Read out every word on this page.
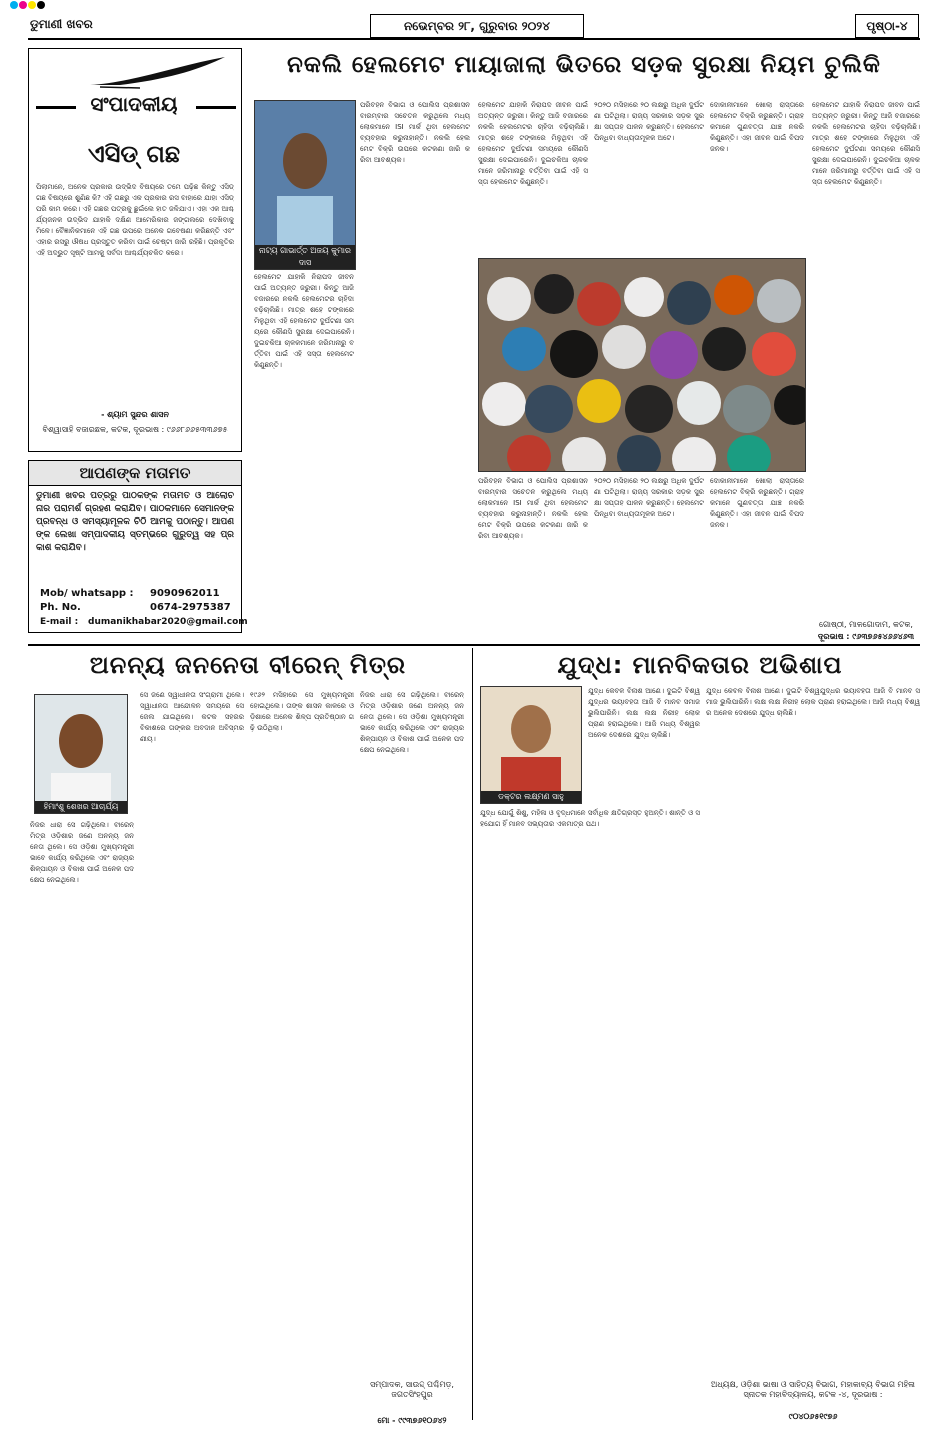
ଡୁମାଣୀ ଖବର	ନଭେମ୍ବର ୨୮, ଗୁରୁବାର ୨୦୨୪	ପୃଷ୍ଠା-୪
ସଂପାଦକୀୟ
ଏସିଡ୍ ଗଛ
ପିଲାମାନେ, ଅନେକ ପ୍ରକାର ଉଦ୍ଭିଦ ବିଷୟରେ ତମେ ପଢ଼ିଛ କିନ୍ତୁ ଏସିଡ୍ ଗଛ ବିଷୟରେ ଶୁଣିଛ କି? ଏହି ଗଛରୁ ଏକ ପ୍ରକାର ରସ ବାହାରେ ଯାହା ଏସିଡ୍ ପରି କାମ କରେ। ଏହି ଗଛର ପତ୍ରକୁ ଛୁଇଁଲେ ହାତ ଜଳିଯାଏ। ଏହା ଏକ ଆଶ୍ଚର୍ଯ୍ୟଜନକ ଉଦ୍ଭିଦ ଯାହାକି ଦକ୍ଷିଣ ଆମେରିକାର ଜଙ୍ଗଲରେ ଦେଖିବାକୁ ମିଳେ। ବୈଜ୍ଞାନିକମାନେ ଏହି ଗଛ ଉପରେ ଅନେକ ଗବେଷଣା କରିଛନ୍ତି ଏବଂ ଏହାର ରସରୁ ଔଷଧ ପ୍ରସ୍ତୁତ କରିବା ପାଇଁ ଚେଷ୍ଟା ଜାରି ରହିଛି। ପ୍ରକୃତିର ଏହି ଅଦ୍ଭୁତ ସୃଷ୍ଟି ଆମକୁ ସର୍ବଦା ଆଶ୍ଚର୍ଯ୍ୟଚକିତ କରେ।
- ଶ୍ୟାମ ସୁନ୍ଦର ଶାସନ
ବିଶ୍ୱାସାହି ବଜାରଛକ, କଟକ, ଦୂରଭାଷ : ୯୬୬୮୬୬୫୩୩୬୭୫
ଆପଣଙ୍କ ମତାମତ
ଡୁମାଣୀ ଖବର ପତ୍ରରୁ ପାଠକଙ୍କ ମତାମତ ଓ ଆଲୋଚନାର ପରାମର୍ଶ ଗ୍ରହଣ କରାଯିବ। ପାଠକମାନେ ସେମାନଙ୍କ ପ୍ରବନ୍ଧ ଓ ସମସ୍ୟାମୂଳକ ଚିଠି ଆମକୁ ପଠାନ୍ତୁ। ଆପଣଙ୍କ ଲେଖା ସମ୍ପାଦକୀୟ ସ୍ତମ୍ଭରେ ଗୁରୁତ୍ୱ ସହ ପ୍ରକାଶ କରାଯିବ।
Mob/ whatsapp : 9090962011
Ph. No.	0674-2975387
E-mail : dumanikhabar2020@gmail.com
ନକଲି ହେଲମେଟ ମାୟାଜାଲା ଭିତରେ ସଡ଼କ ସୁରକ୍ଷା ନିୟମ ଚୁଲିକି
ନାଟ୍ୟ ଗାଭାର୍ତ୍ତ ଅଜୟ କୁମାର ଦାସ
ହେଲମେଟ ଯାହାକି ନିରାପଦ ଜୀବନ ପାଇଁ ଅତ୍ୟନ୍ତ ଜରୁରୀ। କିନ୍ତୁ ଆଜି ବଜାରରେ ନକଲି ହେଲମେଟର ଚାହିଦା ବଢ଼ିଚାଲିଛି। ମାତ୍ର ଶହେ ଟଙ୍କାରେ ମିଳୁଥିବା ଏହି ହେଲମେଟ ଦୁର୍ଘଟଣା ସମୟରେ କୌଣସି ସୁରକ୍ଷା ଦେଇପାରେନି। ଦୁଇଚକିଆ ଚାଳକମାନେ ଜରିମାନାରୁ ବର୍ତ୍ତିବା ପାଇଁ ଏହି ସସ୍ତା ହେଲମେଟ କିଣୁଛନ୍ତି।
ପରିବହନ ବିଭାଗ ଓ ପୋଲିସ ପ୍ରଶାସନ ବାରମ୍ବାର ସଚେତନ କରୁଥିଲେ ମଧ୍ୟ ଲୋକମାନେ ISI ମାର୍କ ଥିବା ହେଲମେଟ ବ୍ୟବହାର କରୁନାହାନ୍ତି। ନକଲି ହେଲମେଟ ବିକ୍ରି ଉପରେ କଟକଣା ଜାରି କରିବା ଆବଶ୍ୟକ।
ହେଲମେଟ ଯାହାକି ନିରାପଦ ଜୀବନ ପାଇଁ ଅତ୍ୟନ୍ତ ଜରୁରୀ। କିନ୍ତୁ ଆଜି ବଜାରରେ ନକଲି ହେଲମେଟର ଚାହିଦା ବଢ଼ିଚାଲିଛି। ମାତ୍ର ଶହେ ଟଙ୍କାରେ ମିଳୁଥିବା ଏହି ହେଲମେଟ ଦୁର୍ଘଟଣା ସମୟରେ କୌଣସି ସୁରକ୍ଷା ଦେଇପାରେନି। ଦୁଇଚକିଆ ଚାଳକମାନେ ଜରିମାନାରୁ ବର୍ତ୍ତିବା ପାଇଁ ଏହି ସସ୍ତା ହେଲମେଟ କିଣୁଛନ୍ତି।
୨୦୨୦ ମସିହାରେ ୨୦ ଲକ୍ଷରୁ ଅଧିକ ଦୁର୍ଘଟଣା ଘଟିଥିଲା। ରାଜ୍ୟ ସରକାର ସଡ଼କ ସୁରକ୍ଷା ସପ୍ତାହ ପାଳନ କରୁଛନ୍ତି। ହେଲମେଟ ପିନ୍ଧିବା ବାଧ୍ୟତାମୂଳକ ଅଟେ।
ଦୋକାନୀମାନେ ଖୋଲା ରାସ୍ତାରେ ହେଲମେଟ ବିକ୍ରି କରୁଛନ୍ତି। ଗ୍ରାହକମାନେ ଗୁଣବତ୍ତା ଯାଞ୍ଚ ନକରି କିଣୁଛନ୍ତି। ଏହା ଜୀବନ ପାଇଁ ବିପଦଜନକ।
ପରିବହନ ବିଭାଗ ଓ ପୋଲିସ ପ୍ରଶାସନ ବାରମ୍ବାର ସଚେତନ କରୁଥିଲେ ମଧ୍ୟ ଲୋକମାନେ ISI ମାର୍କ ଥିବା ହେଲମେଟ ବ୍ୟବହାର କରୁନାହାନ୍ତି। ନକଲି ହେଲମେଟ ବିକ୍ରି ଉପରେ କଟକଣା ଜାରି କରିବା ଆବଶ୍ୟକ।
୨୦୨୦ ମସିହାରେ ୨୦ ଲକ୍ଷରୁ ଅଧିକ ଦୁର୍ଘଟଣା ଘଟିଥିଲା। ରାଜ୍ୟ ସରକାର ସଡ଼କ ସୁରକ୍ଷା ସପ୍ତାହ ପାଳନ କରୁଛନ୍ତି। ହେଲମେଟ ପିନ୍ଧିବା ବାଧ୍ୟତାମୂଳକ ଅଟେ।
ଦୋକାନୀମାନେ ଖୋଲା ରାସ୍ତାରେ ହେଲମେଟ ବିକ୍ରି କରୁଛନ୍ତି। ଗ୍ରାହକମାନେ ଗୁଣବତ୍ତା ଯାଞ୍ଚ ନକରି କିଣୁଛନ୍ତି। ଏହା ଜୀବନ ପାଇଁ ବିପଦଜନକ।
ହେଲମେଟ ଯାହାକି ନିରାପଦ ଜୀବନ ପାଇଁ ଅତ୍ୟନ୍ତ ଜରୁରୀ। କିନ୍ତୁ ଆଜି ବଜାରରେ ନକଲି ହେଲମେଟର ଚାହିଦା ବଢ଼ିଚାଲିଛି। ମାତ୍ର ଶହେ ଟଙ୍କାରେ ମିଳୁଥିବା ଏହି ହେଲମେଟ ଦୁର୍ଘଟଣା ସମୟରେ କୌଣସି ସୁରକ୍ଷା ଦେଇପାରେନି। ଦୁଇଚକିଆ ଚାଳକମାନେ ଜରିମାନାରୁ ବର୍ତ୍ତିବା ପାଇଁ ଏହି ସସ୍ତା ହେଲମେଟ କିଣୁଛନ୍ତି।
ଗୋଷ୍ଠୀ, ମାଳଗୋଦାମ, କଟକ,
ଦୂରଭାଷ : ୯୬୩୭୬୫୪୬୬୪୬୩
ଅନନ୍ୟ ଜନନେତା ବୀରେନ୍ ମିତ୍ର
ହିମାଂଶୁ ଶେଖର ଆଚାର୍ଯ୍ୟ
ନିଜର ଧାରା ସେ ଗଢ଼ିଥିଲେ। ବୀରେନ୍ ମିତ୍ର ଓଡ଼ିଶାର ଜଣେ ଅନନ୍ୟ ଜନନେତା ଥିଲେ। ସେ ଓଡ଼ିଶା ମୁଖ୍ୟମନ୍ତ୍ରୀ ଭାବେ କାର୍ଯ୍ୟ କରିଥିଲେ ଏବଂ ରାଜ୍ୟର ଶିଳ୍ପାୟନ ଓ ବିକାଶ ପାଇଁ ଅନେକ ପଦକ୍ଷେପ ନେଇଥିଲେ।
ସେ ଜଣେ ସ୍ୱାଧୀନତା ସଂଗ୍ରାମୀ ଥିଲେ। ସ୍ୱାଧୀନତା ଆନ୍ଦୋଳନ ସମୟରେ ସେ ଜେଲ ଯାଇଥିଲେ। କଟକ ସହରର ବିକାଶରେ ତାଙ୍କର ଅବଦାନ ଅବିସ୍ମରଣୀୟ।
୧୯୬୨ ମସିହାରେ ସେ ମୁଖ୍ୟମନ୍ତ୍ରୀ ହୋଇଥିଲେ। ତାଙ୍କ ଶାସନ କାଳରେ ଓଡ଼ିଶାରେ ଅନେକ ଶିଳ୍ପ ପ୍ରତିଷ୍ଠାନ ଗଢ଼ି ଉଠିଥିଲା।
ନିଜର ଧାରା ସେ ଗଢ଼ିଥିଲେ। ବୀରେନ୍ ମିତ୍ର ଓଡ଼ିଶାର ଜଣେ ଅନନ୍ୟ ଜନନେତା ଥିଲେ। ସେ ଓଡ଼ିଶା ମୁଖ୍ୟମନ୍ତ୍ରୀ ଭାବେ କାର୍ଯ୍ୟ କରିଥିଲେ ଏବଂ ରାଜ୍ୟର ଶିଳ୍ପାୟନ ଓ ବିକାଶ ପାଇଁ ଅନେକ ପଦକ୍ଷେପ ନେଇଥିଲେ।
ସମ୍ପାଦକ, ସାଉଦ୍ଦ୍ ପଶ୍ଚିମଡ଼, ଜଗତସିଂହପୁର
ମୋ - ୯୯୩୭୬୧୦୬୪୨
ଯୁଦ୍ଧ: ମାନବିକତାର ଅଭିଶାପ
ଡକ୍ଟର ଲକ୍ଷ୍ମଣ ସାହୁ
ଯୁଦ୍ଧ କେବଳ ବିନାଶ ଆଣେ। ଦୁଇଟି ବିଶ୍ୱଯୁଦ୍ଧର ଭୟାବହତା ଆଜି ବି ମାନବ ସମାଜ ଭୁଲିପାରିନି। ଲକ୍ଷ ଲକ୍ଷ ନିରୀହ ଲୋକ ପ୍ରାଣ ହରାଇଥିଲେ। ଆଜି ମଧ୍ୟ ବିଶ୍ୱର ଅନେକ ଦେଶରେ ଯୁଦ୍ଧ ଚାଲିଛି।
ଯୁଦ୍ଧ ଯୋଗୁଁ ଶିଶୁ, ମହିଳା ଓ ବୃଦ୍ଧମାନେ ସର୍ବାଧିକ କ୍ଷତିଗ୍ରସ୍ତ ହୁଅନ୍ତି। ଶାନ୍ତି ଓ ସହଯୋଗ ହିଁ ମାନବ ସଭ୍ୟତାର ଏକମାତ୍ର ପଥ।
ଯୁଦ୍ଧ କେବଳ ବିନାଶ ଆଣେ। ଦୁଇଟି ବିଶ୍ୱଯୁଦ୍ଧର ଭୟାବହତା ଆଜି ବି ମାନବ ସମାଜ ଭୁଲିପାରିନି। ଲକ୍ଷ ଲକ୍ଷ ନିରୀହ ଲୋକ ପ୍ରାଣ ହରାଇଥିଲେ। ଆଜି ମଧ୍ୟ ବିଶ୍ୱର ଅନେକ ଦେଶରେ ଯୁଦ୍ଧ ଚାଲିଛି।
ଅଧ୍ୟକ୍ଷ, ଓଡ଼ିଶା ଭାଷା ଓ ସାହିତ୍ୟ ବିଭାଗ, ମହାକାବ୍ୟ ବିଭାଗ ମହିଳା ସ୍ନାତକ ମହାବିଦ୍ୟାଳୟ, କଟକ -୪, ଦୂରଭାଷ :
୯୦୪୦୬୫୧୯୭୬
